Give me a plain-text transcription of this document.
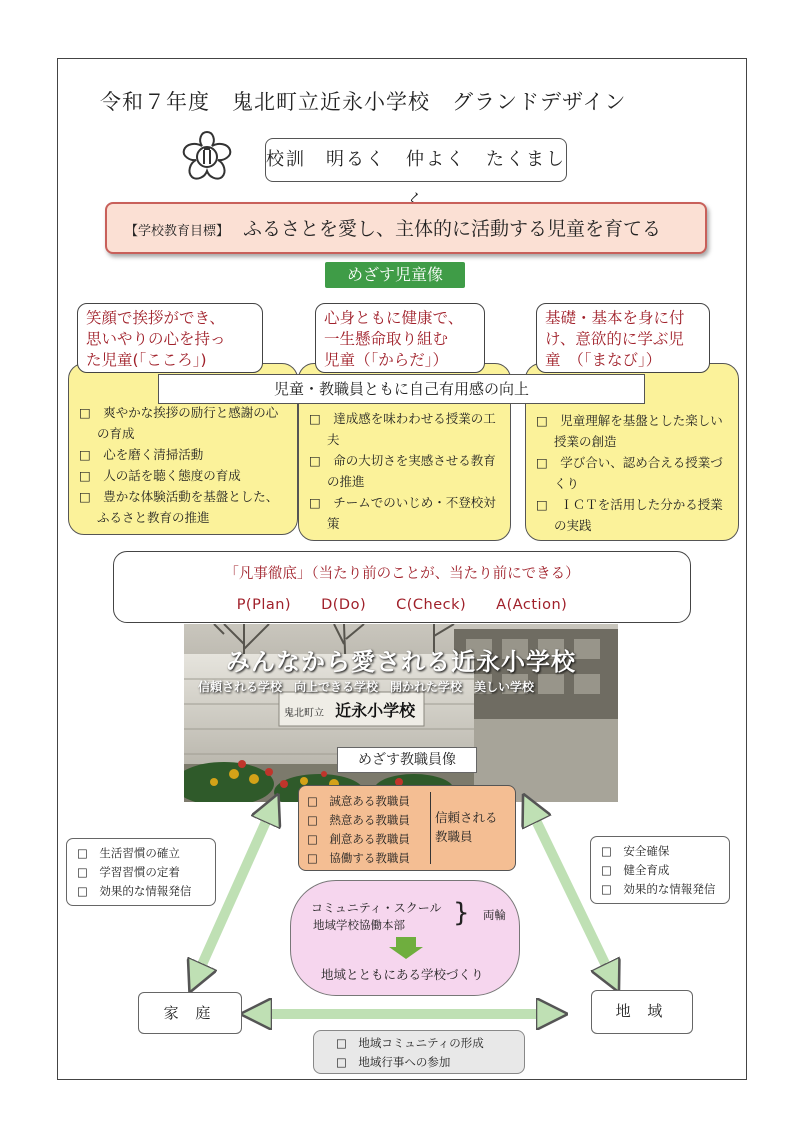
令和７年度　鬼北町立近永小学校　グランドデザイン
校訓　明るく　仲よく　たくまし
【学校教育目標】 ふるさとを愛し、主体的に活動する児童を育てる
めざす児童像
□　爽やかな挨拶の励行と感謝の心の育成
□　心を磨く清掃活動
□　人の話を聴く態度の育成
□　豊かな体験活動を基盤とした、ふるさと教育の推進
□　達成感を味わわせる授業の工夫
□　命の大切さを実感させる教育の推進
□　チームでのいじめ・不登校対策
□　児童理解を基盤とした楽しい授業の創造
□　学び合い、認め合える授業づくり
□　ＩＣＴを活用した分かる授業の実践
笑顔で挨拶ができ、
思いやりの心を持っ
た児童(「こころ」)
心身ともに健康で、
一生懸命取り組む
児童（「からだ」）
基礎・基本を身に付
け、意欲的に学ぶ児
童　（「まなび」）
児童・教職員ともに自己有用感の向上
「凡事徹底」（当たり前のことが、当たり前にできる）
P(Plan)　　D(Do)　　C(Check)　　A(Action)
みんなから愛される近永小学校
信頼される学校　向上できる学校　開かれた学校　美しい学校
鬼北町立 近永小学校
めざす教職員像
□　誠意ある教職員
□　熱意ある教職員
□　創意ある教職員
□　協働する教職員
信頼される
教職員
□　生活習慣の確立
□　学習習慣の定着
□　効果的な情報発信
□　安全確保
□　健全育成
□　効果的な情報発信
コミュニティ・スクール
地域学校協働本部 } 両輪
地域とともにある学校づくり
家 庭	地 域
□　地域コミュニティの形成
□　地域行事への参加
